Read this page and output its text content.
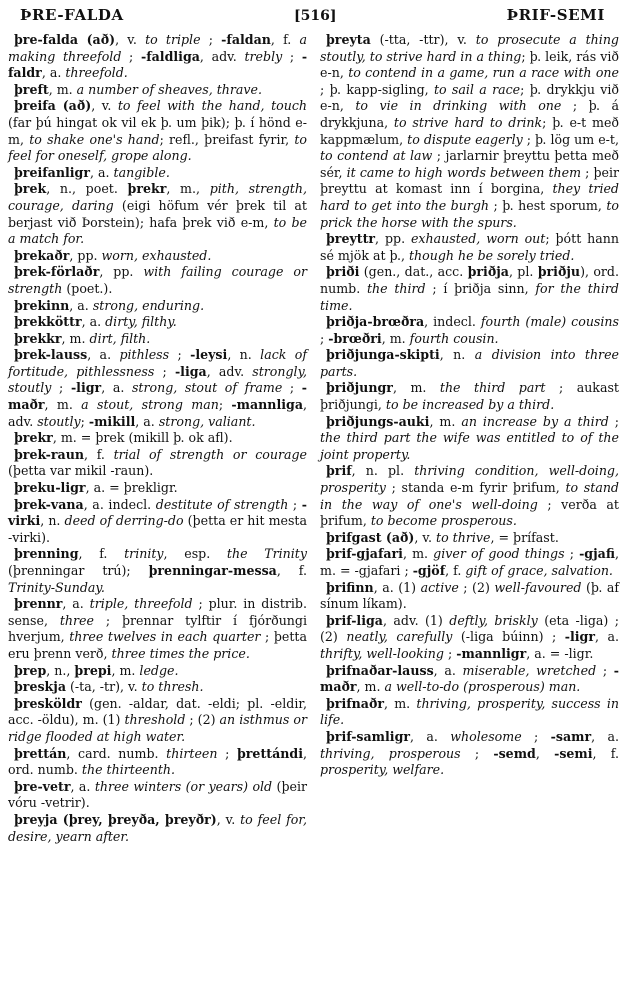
ÞRE-FALDA	[516]	ÞRIF-SEMI

þre-falda (að), v. to triple ; -faldan, f. a making threefold ; -faldliga, adv. trebly ; -faldr, a. threefold.

þreft, m. a number of sheaves, thrave.

þreifa (að), v. to feel with the hand, touch (far þú hingat ok vil ek þ. um þik); þ. í hönd e-m, to shake one's hand; refl., þreifast fyrir, to feel for oneself, grope along.

þreifanligr, a. tangible.

þrek, n., poet. þrekr, m., pith, strength, courage, daring (eigi höfum vér þrek til at berjast við Þorstein); hafa þrek við e-m, to be a match for.

þrekaðr, pp. worn, exhausted.

þrek-förlaðr, pp. with failing courage or strength (poet.).

þrekinn, a. strong, enduring.

þrekköttr, a. dirty, filthy.

þrekkr, m. dirt, filth.

þrek-lauss, a. pithless ; -leysi, n. lack of fortitude, pithlessness ; -liga, adv. strongly, stoutly ; -ligr, a. strong, stout of frame ; -maðr, m. a stout, strong man; -mannliga, adv. stoutly; -mikill, a. strong, valiant.

þrekr, m. = þrek (mikill þ. ok afl).

þrek-raun, f. trial of strength or courage (þetta var mikil -raun).

þreku-ligr, a. = þrekligr.

þrek-vana, a. indecl. destitute of strength ; -virki, n. deed of derring-do (þetta er hit mesta -virki).

þrenning, f. trinity, esp. the Trinity (þrenningar trú); þrenningar-messa, f. Trinity-Sunday.

þrennr, a. triple, threefold ; plur. in distrib. sense, three ; þrennar tylftir í fjórðungi hverjum, three twelves in each quarter ; þetta eru þrenn verð, three times the price.

þrep, n., þrepi, m. ledge.

þreskja (-ta, -tr), v. to thresh.

þresköldr (gen. -aldar, dat. -eldi; pl. -eldir, acc. -öldu), m. (1) threshold ; (2) an isthmus or ridge flooded at high water.

þrettán, card. numb. thirteen ; þrettándi, ord. numb. the thirteenth.

þre-vetr, a. three winters (or years) old (þeir vóru -vetrir).

þreyja (þrey, þreyða, þreyðr), v. to feel for, desire, yearn after.

þreyta (-tta, -ttr), v. to prosecute a thing stoutly, to strive hard in a thing; þ. leik, rás við e-n, to contend in a game, run a race with one ; þ. kapp-sigling, to sail a race; þ. drykkju við e-n, to vie in drinking with one ; þ. á drykkjuna, to strive hard to drink; þ. e-t með kappmælum, to dispute eagerly ; þ. lög um e-t, to contend at law ; jarlarnir þreyttu þetta með sér, it came to high words between them ; þeir þreyttu at komast inn í borgina, they tried hard to get into the burgh ; þ. hest sporum, to prick the horse with the spurs.

þreyttr, pp. exhausted, worn out; þótt hann sé mjök at þ., though he be sorely tried.

þriði (gen., dat., acc. þriðja, pl. þriðju), ord. numb. the third ; í þriðja sinn, for the third time.

þriðja-brœðra, indecl. fourth (male) cousins ; -brœðri, m. fourth cousin.

þriðjunga-skipti, n. a division into three parts.

þriðjungr, m. the third part ; aukast þriðjungi, to be increased by a third.

þriðjungs-auki, m. an increase by a third ; the third part the wife was entitled to of the joint property.

þrif, n. pl. thriving condition, well-doing, prosperity ; standa e-m fyrir þrifum, to stand in the way of one's well-doing ; verða at þrifum, to become prosperous.

þrifgast (að), v. to thrive, = þrífast.

þrif-gjafari, m. giver of good things ; -gjafi, m. = -gjafari ; -gjöf, f. gift of grace, salvation.

þrifinn, a. (1) active ; (2) well-favoured (þ. af sínum líkam).

þrif-liga, adv. (1) deftly, briskly (eta -liga) ; (2) neatly, carefully (-liga búinn) ; -ligr, a. thrifty, well-looking ; -mannligr, a. = -ligr.

þrifnaðar-lauss, a. miserable, wretched ; -maðr, m. a well-to-do (prosperous) man.

þrifnaðr, m. thriving, prosperity, success in life.

þrif-samligr, a. wholesome ; -samr, a. thriving, prosperous ; -semd, -semi, f. prosperity, welfare.
